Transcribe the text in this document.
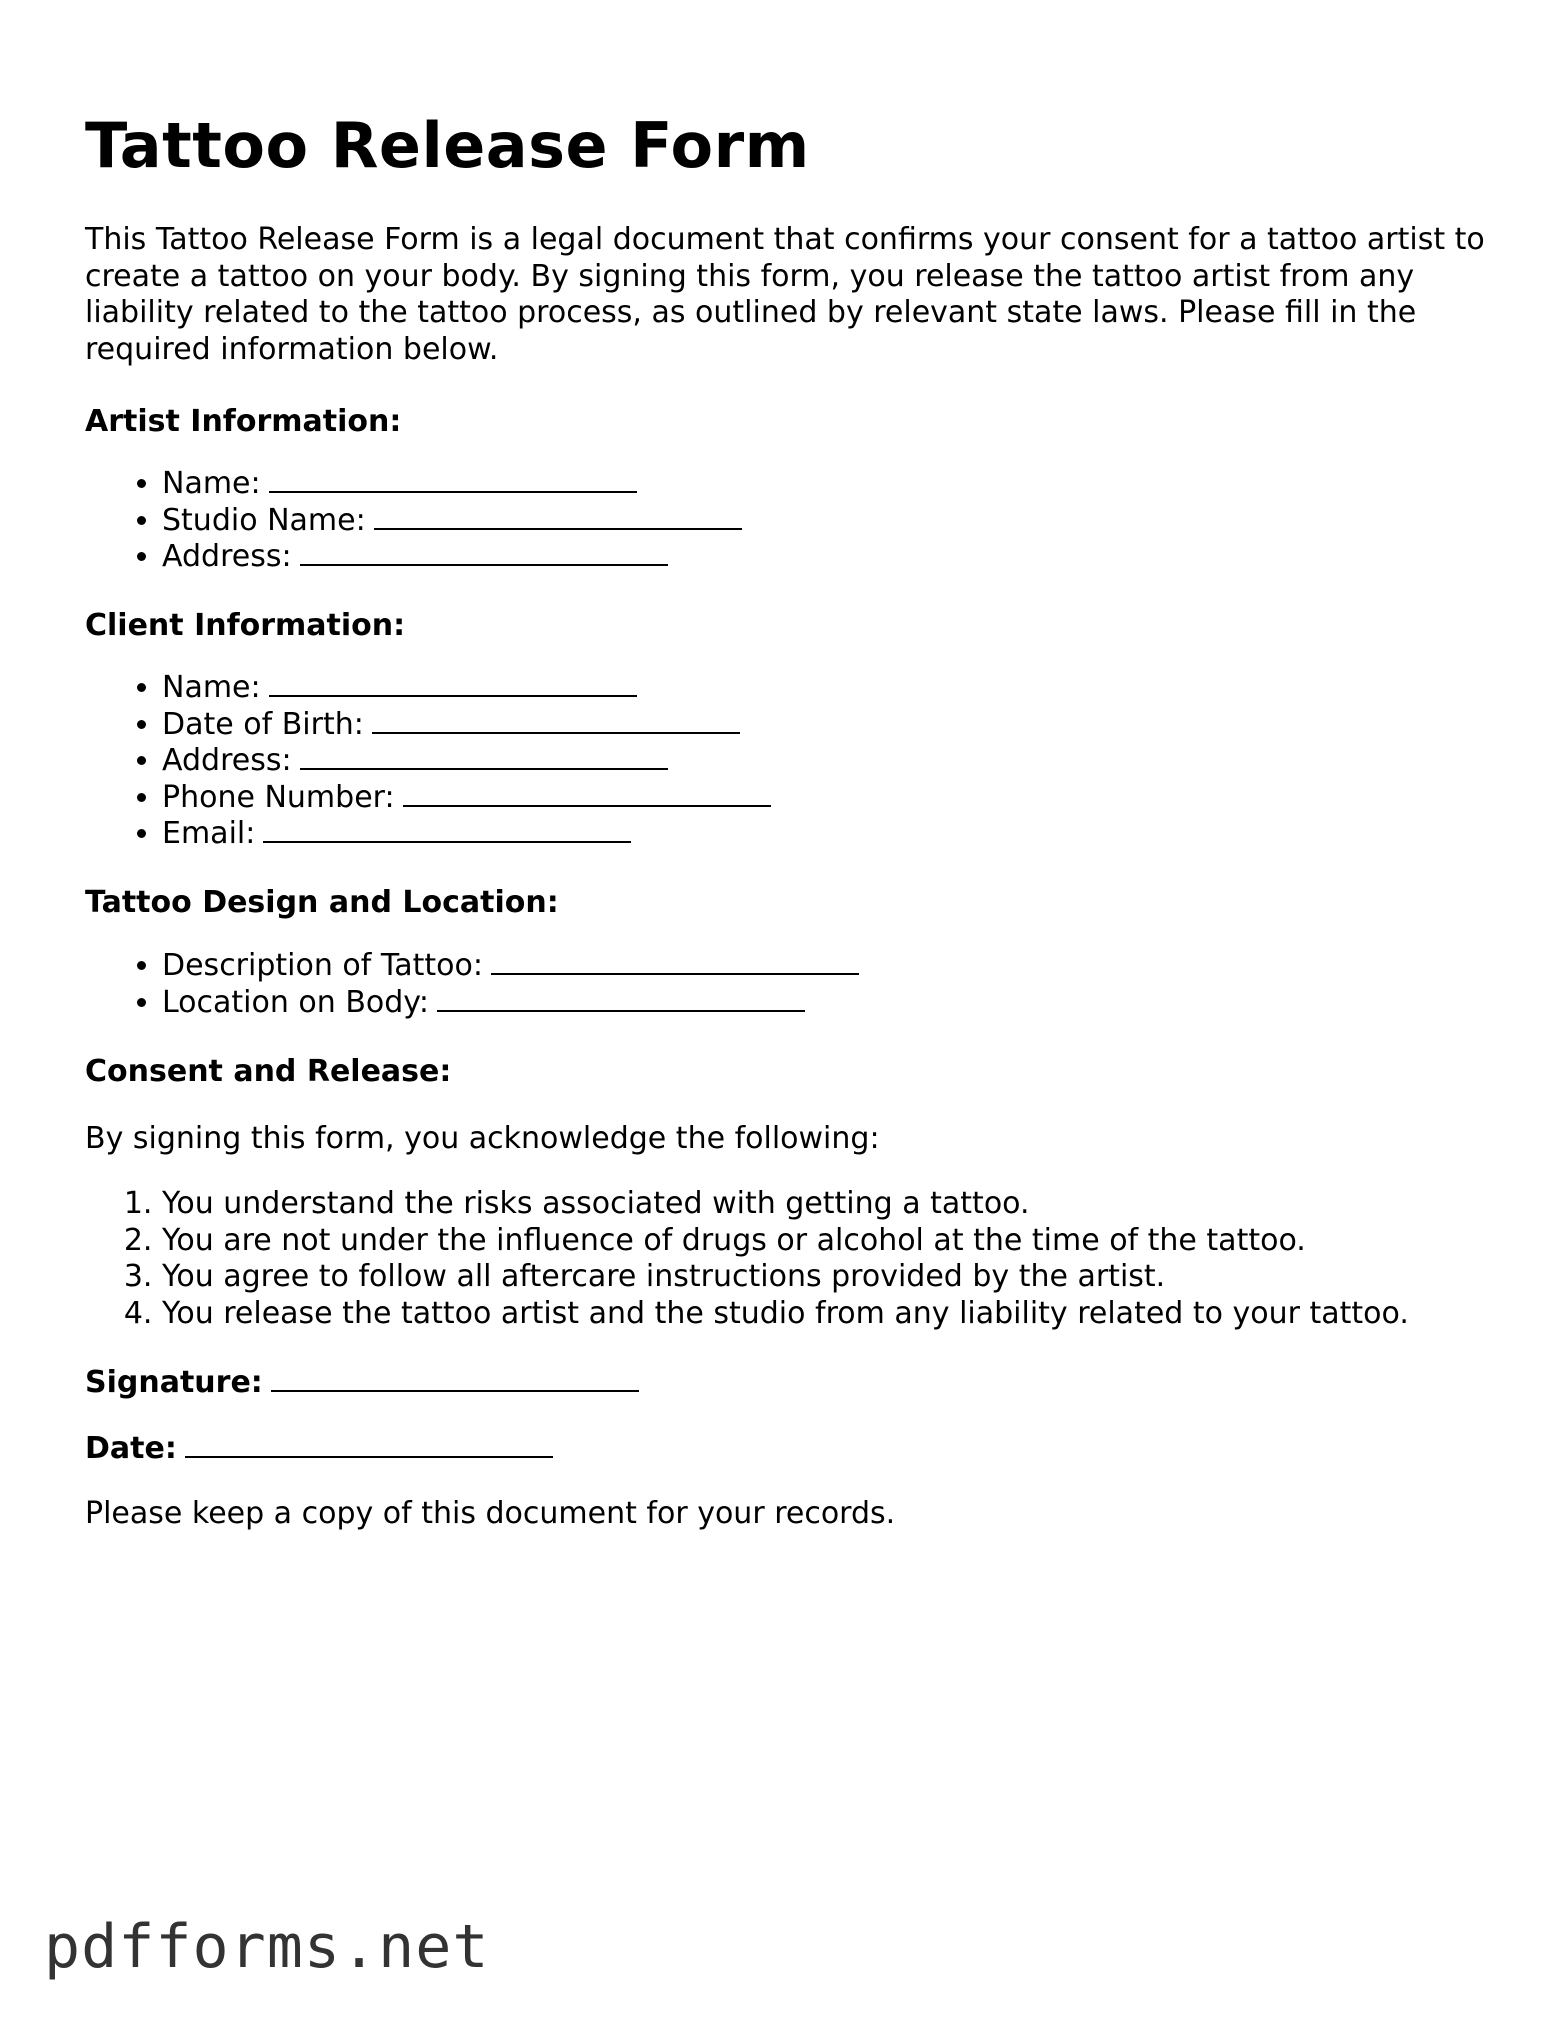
Tattoo Release Form

This Tattoo Release Form is a legal document that confirms your consent for a tattoo artist to create a tattoo on your body. By signing this form, you release the tattoo artist from any liability related to the tattoo process, as outlined by relevant state laws. Please fill in the required information below.

Artist Information:

• Name:
• Studio Name:
• Address:

Client Information:

• Name:
• Date of Birth:
• Address:
• Phone Number:
• Email:

Tattoo Design and Location:

• Description of Tattoo:
• Location on Body:

Consent and Release:

By signing this form, you acknowledge the following:

1. You understand the risks associated with getting a tattoo.
2. You are not under the influence of drugs or alcohol at the time of the tattoo.
3. You agree to follow all aftercare instructions provided by the artist.
4. You release the tattoo artist and the studio from any liability related to your tattoo.

Signature:

Date:

Please keep a copy of this document for your records.

pdfforms.net
